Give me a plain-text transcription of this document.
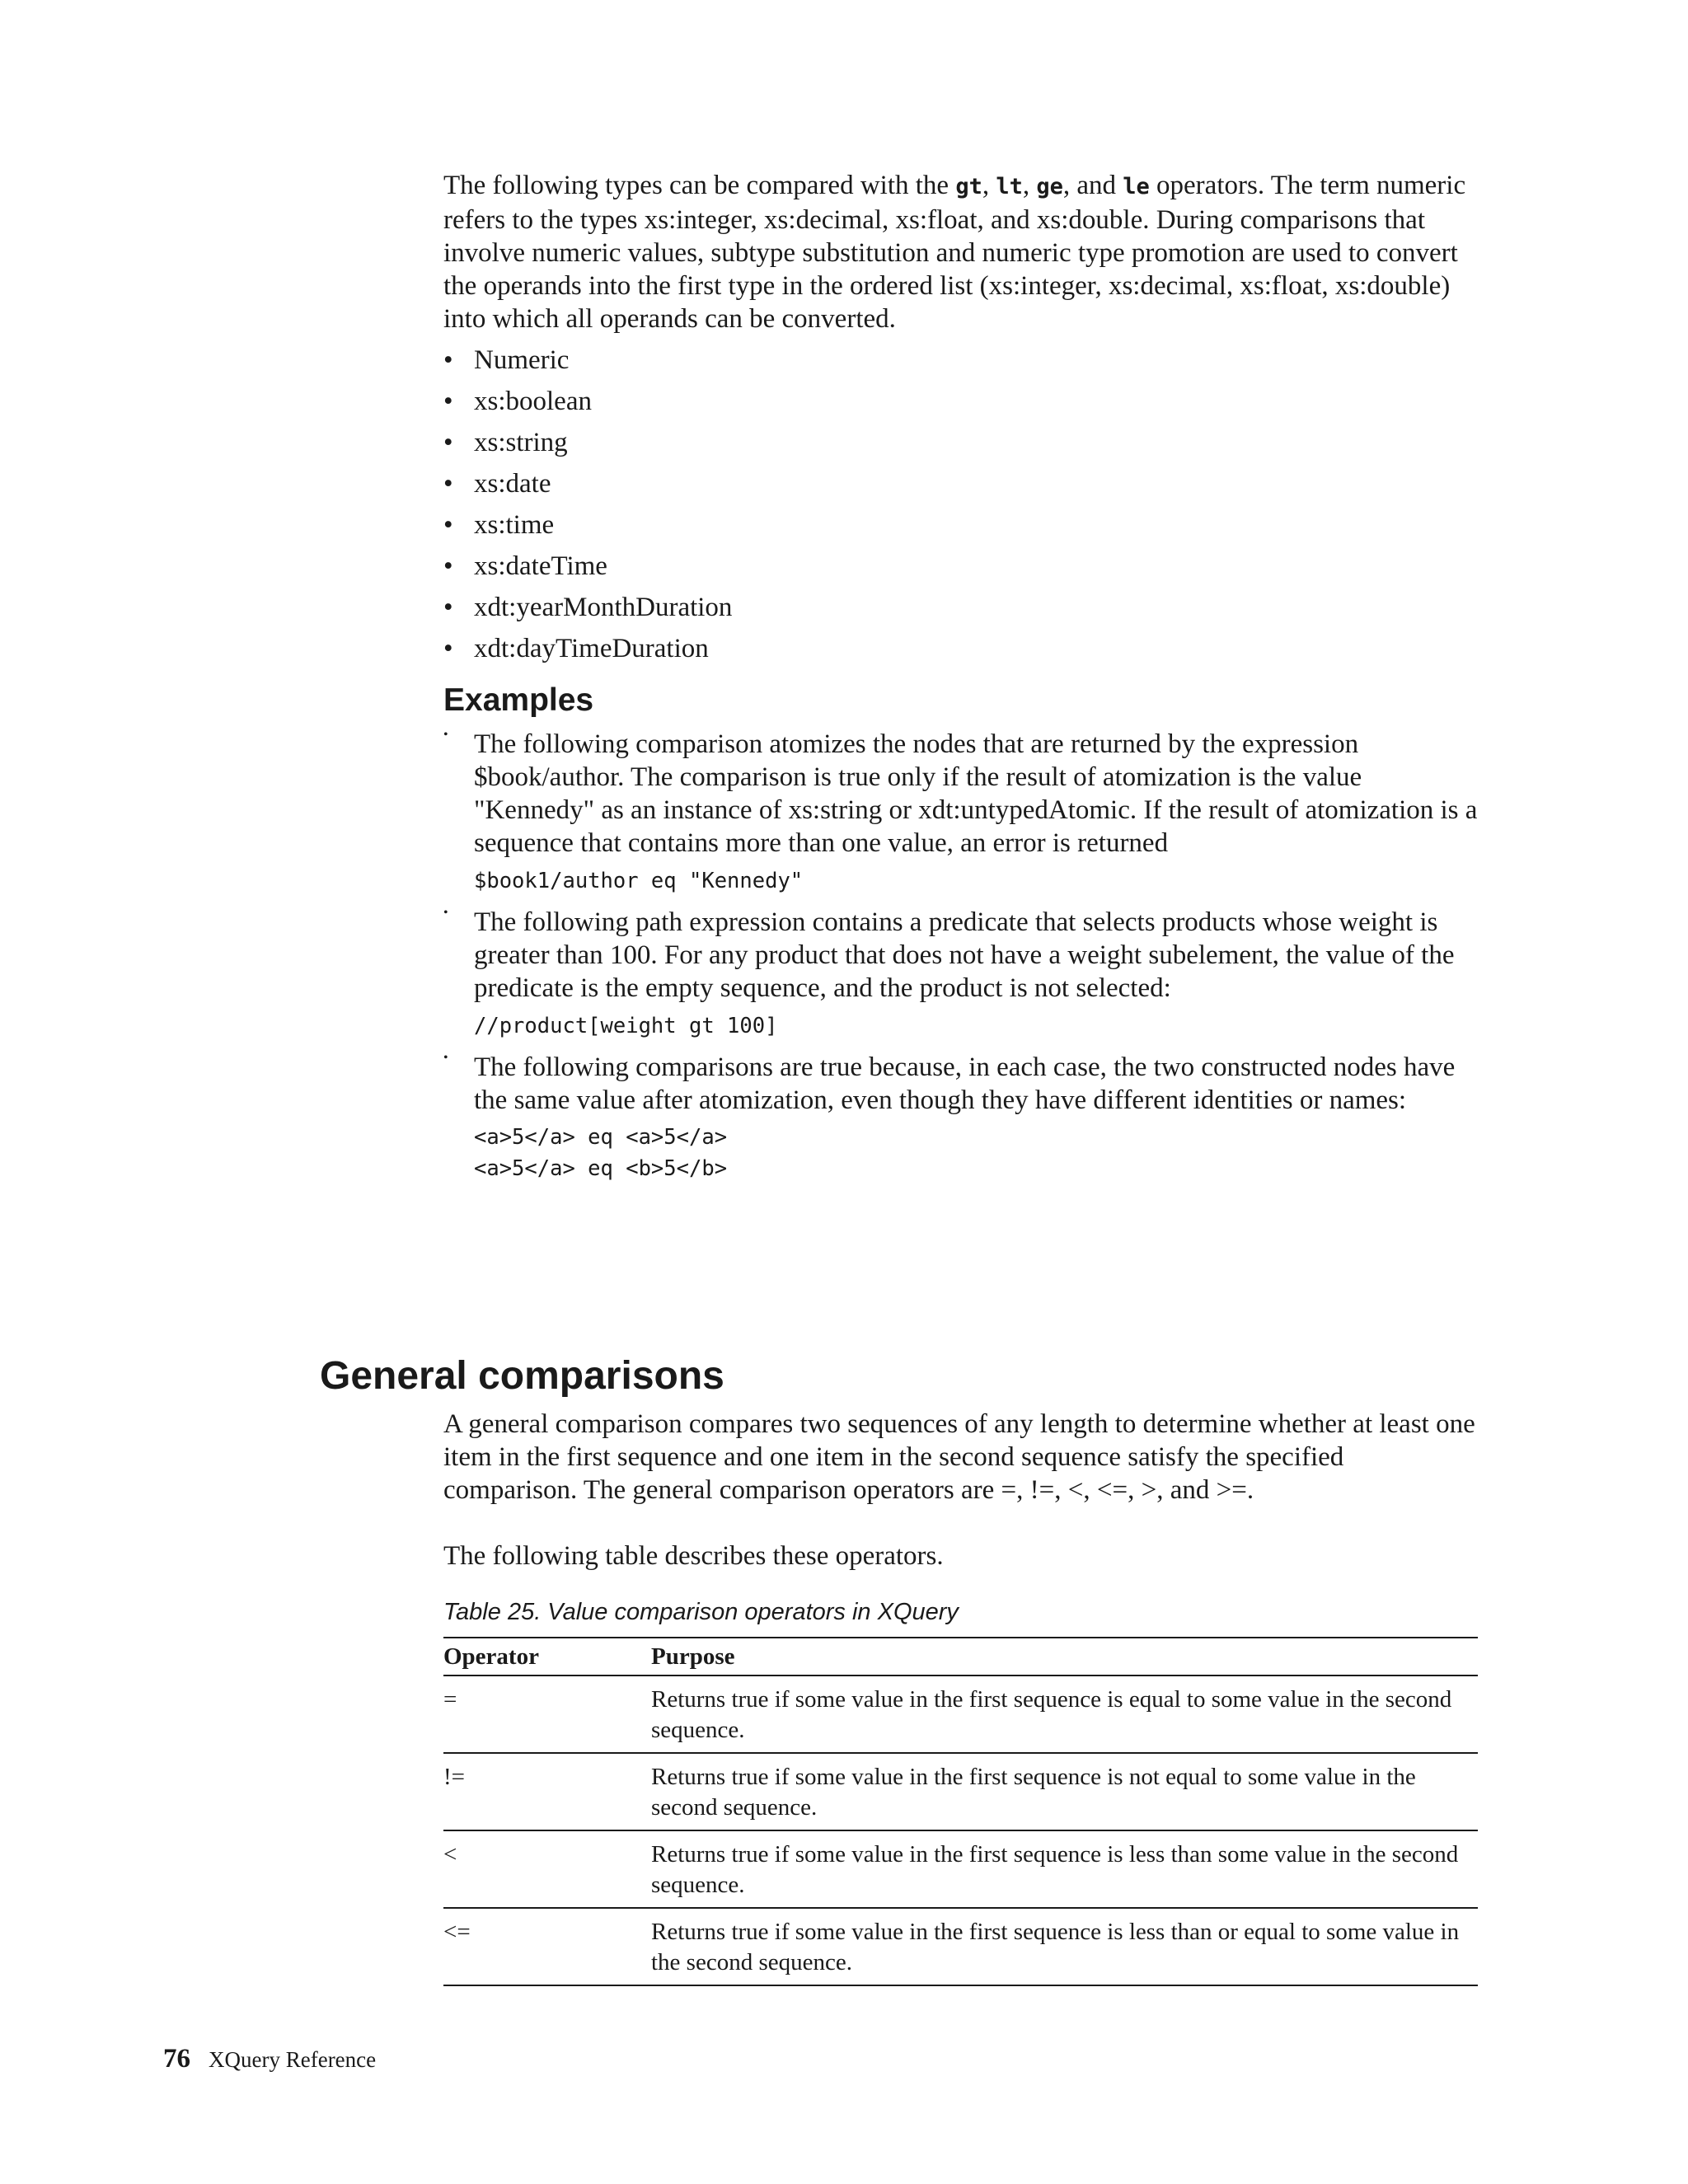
The following types can be compared with the gt, lt, ge, and le operators. The term numeric refers to the types xs:integer, xs:decimal, xs:float, and xs:double. During comparisons that involve numeric values, subtype substitution and numeric type promotion are used to convert the operands into the first type in the ordered list (xs:integer, xs:decimal, xs:float, xs:double) into which all operands can be converted.

• Numeric
• xs:boolean
• xs:string
• xs:date
• xs:time
• xs:dateTime
• xdt:yearMonthDuration
• xdt:dayTimeDuration
Examples
• The following comparison atomizes the nodes that are returned by the expression $book/author. The comparison is true only if the result of atomization is the value "Kennedy" as an instance of xs:string or xdt:untypedAtomic. If the result of atomization is a sequence that contains more than one value, an error is returned

$book1/author eq "Kennedy"
• The following path expression contains a predicate that selects products whose weight is greater than 100. For any product that does not have a weight subelement, the value of the predicate is the empty sequence, and the product is not selected:

//product[weight gt 100]
• The following comparisons are true because, in each case, the two constructed nodes have the same value after atomization, even though they have different identities or names:

<a>5</a> eq <a>5</a>
<a>5</a> eq <b>5</b>
General comparisons

A general comparison compares two sequences of any length to determine whether at least one item in the first sequence and one item in the second sequence satisfy the specified comparison. The general comparison operators are =, !=, <, <=, >, and >=.

The following table describes these operators.

Table 25. Value comparison operators in XQuery
Operator	Purpose
=	Returns true if some value in the first sequence is equal to some value in the second sequence.
!=	Returns true if some value in the first sequence is not equal to some value in the second sequence.
<	Returns true if some value in the first sequence is less than some value in the second sequence.
<=	Returns true if some value in the first sequence is less than or equal to some value in the second sequence.
76 XQuery Reference
